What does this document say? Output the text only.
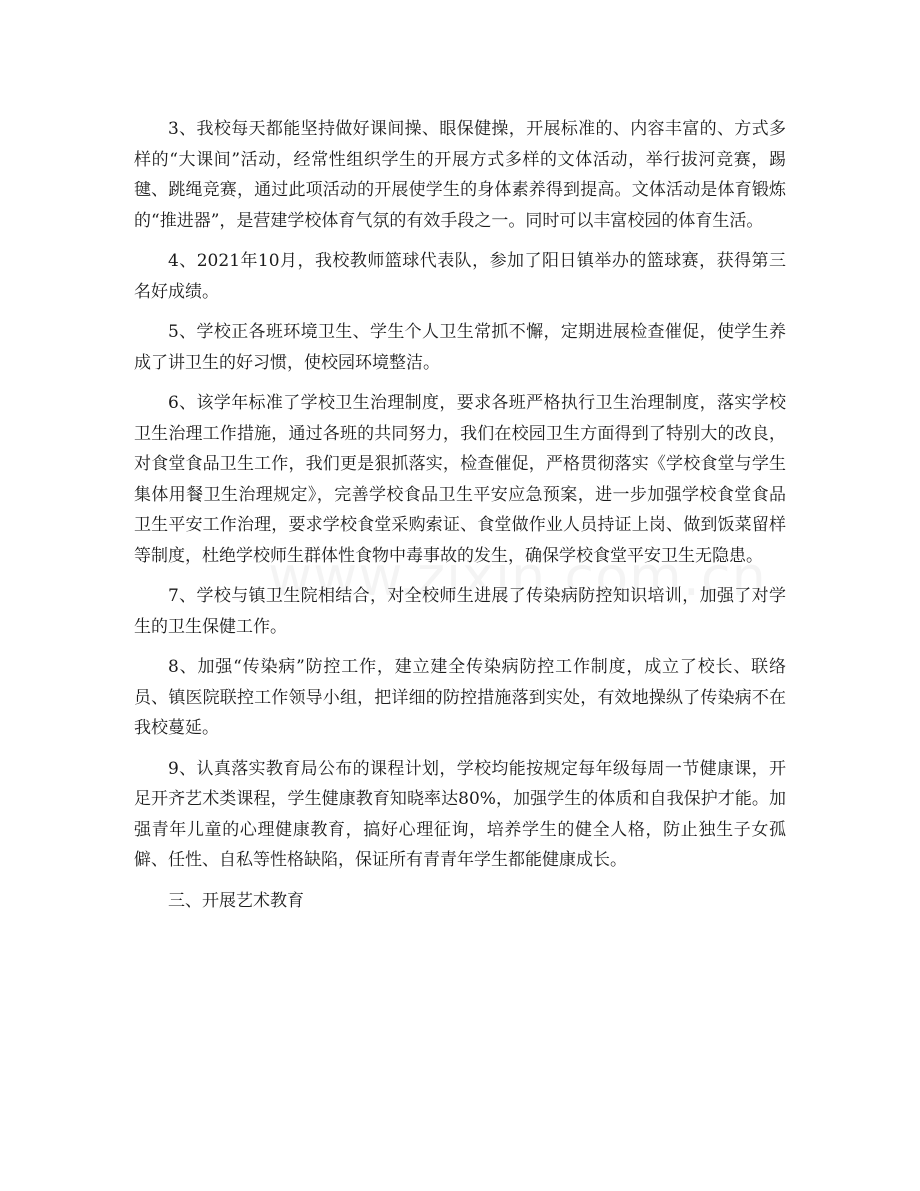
3、我校每天都能坚持做好课间操、眼保健操，开展标准的、内容丰富的、方式多样的“大课间”活动，经常性组织学生的开展方式多样的文体活动，举行拔河竞赛，踢毽、跳绳竞赛，通过此项活动的开展使学生的身体素养得到提高。文体活动是体育锻炼的“推进器”，是营建学校体育气氛的有效手段之一。同时可以丰富校园的体育生活。

4、2021年10月，我校教师篮球代表队，参加了阳日镇举办的篮球赛，获得第三名好成绩。

5、学校正各班环境卫生、学生个人卫生常抓不懈，定期进展检查催促，使学生养成了讲卫生的好习惯，使校园环境整洁。

6、该学年标准了学校卫生治理制度，要求各班严格执行卫生治理制度，落实学校卫生治理工作措施，通过各班的共同努力，我们在校园卫生方面得到了特别大的改良，对食堂食品卫生工作，我们更是狠抓落实，检查催促，严格贯彻落实《学校食堂与学生集体用餐卫生治理规定》，完善学校食品卫生平安应急预案，进一步加强学校食堂食品卫生平安工作治理，要求学校食堂采购索证、食堂做作业人员持证上岗、做到饭菜留样等制度，杜绝学校师生群体性食物中毒事故的发生，确保学校食堂平安卫生无隐患。

7、学校与镇卫生院相结合，对全校师生进展了传染病防控知识培训，加强了对学生的卫生保健工作。

8、加强“传染病”防控工作，建立建全传染病防控工作制度，成立了校长、联络员、镇医院联控工作领导小组，把详细的防控措施落到实处，有效地操纵了传染病不在我校蔓延。

9、认真落实教育局公布的课程计划，学校均能按规定每年级每周一节健康课，开足开齐艺术类课程，学生健康教育知晓率达80%，加强学生的体质和自我保护才能。加强青年儿童的心理健康教育，搞好心理征询，培养学生的健全人格，防止独生子女孤僻、任性、自私等性格缺陷，保证所有青青年学生都能健康成长。

三、开展艺术教育
